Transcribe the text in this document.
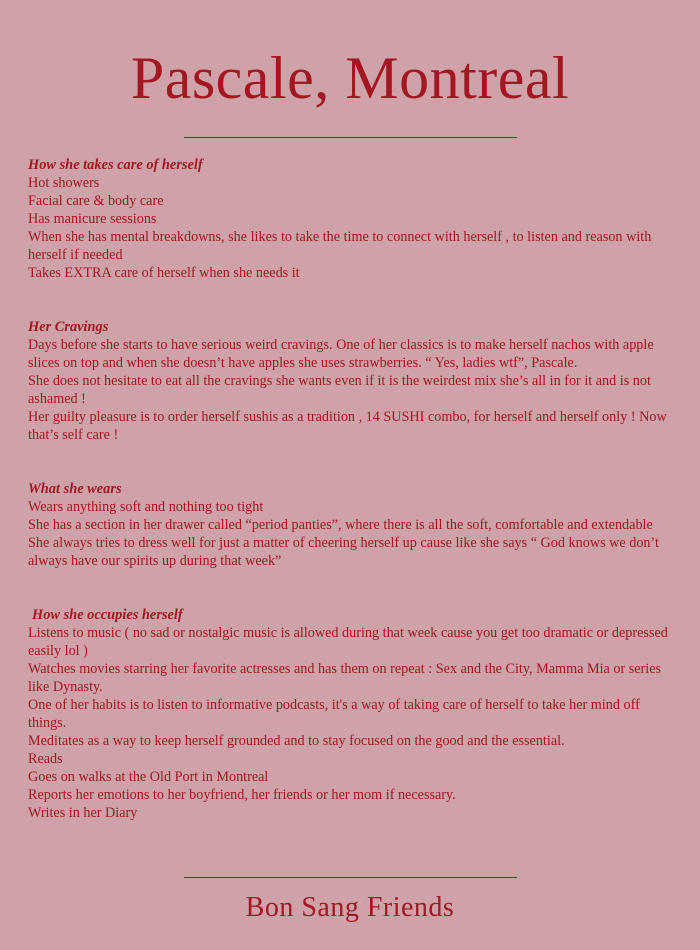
Pascale, Montreal
How she takes care of herself

Hot showers

Facial care & body care

Has manicure sessions

When she has mental breakdowns, she likes to take the time to connect with herself , to listen and reason with herself if needed

Takes EXTRA care of herself when she needs it

Her Cravings

Days before she starts to have serious weird cravings. One of her classics is to make herself nachos with apple slices on top and when she doesn’t have apples she uses strawberries. “ Yes, ladies wtf”, Pascale.

She does not hesitate to eat all the cravings she wants even if it is the weirdest mix she’s all in for it and is not ashamed !

Her guilty pleasure is to order herself sushis as a tradition , 14 SUSHI combo, for herself and herself only ! Now that’s self care !

What she wears

Wears anything soft and nothing too tight

She has a section in her drawer called “period panties”, where there is all the soft, comfortable and extendable

She always tries to dress well for just a matter of cheering herself up cause like she says “ God knows we don’t always have our spirits up during that week”

How she occupies herself

Listens to music ( no sad or nostalgic music is allowed during that week cause you get too dramatic or depressed easily lol )

Watches movies starring her favorite actresses and has them on repeat : Sex and the City, Mamma Mia or series like Dynasty.

One of her habits is to listen to informative podcasts, it's a way of taking care of herself to take her mind off things.

Meditates as a way to keep herself grounded and to stay focused on the good and the essential.

Reads

Goes on walks at the Old Port in Montreal

Reports her emotions to her boyfriend, her friends or her mom if necessary.

Writes in her Diary

Bon Sang Friends
